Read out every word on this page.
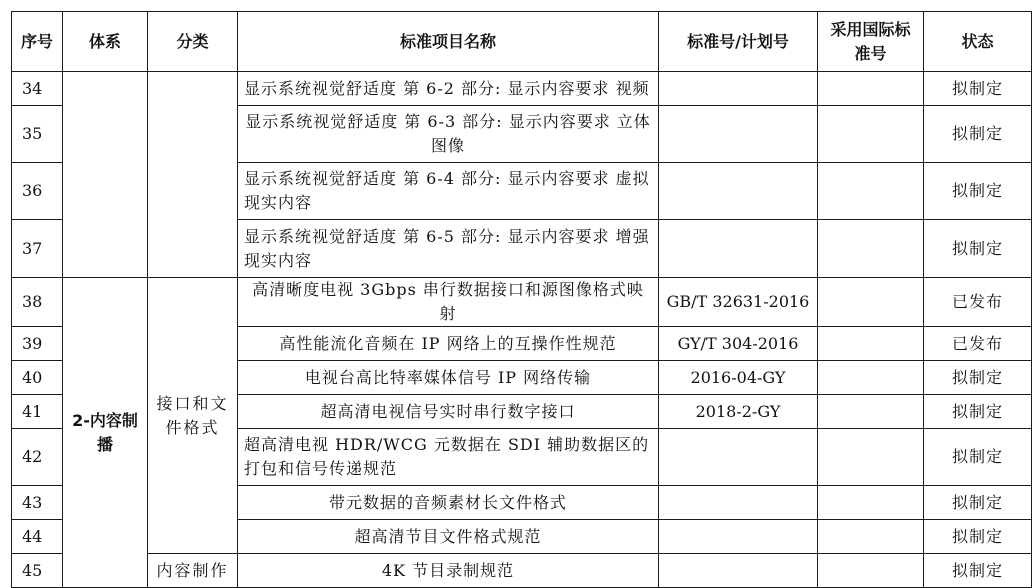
序号	体系	分类	标准项目名称	标准号/计划号	采用国际标准号	状态
34			显示系统视觉舒适度 第 6-2 部分: 显示内容要求 视频			拟制定
35			显示系统视觉舒适度 第 6-3 部分: 显示内容要求 立体图像			拟制定
36			显示系统视觉舒适度 第 6-4 部分: 显示内容要求 虚拟现实内容			拟制定
37			显示系统视觉舒适度 第 6-5 部分: 显示内容要求 增强现实内容			拟制定
38	2-内容制播	接口和文件格式	高清晰度电视 3Gbps 串行数据接口和源图像格式映射	GB/T 32631-2016		已发布
39			高性能流化音频在 IP 网络上的互操作性规范	GY/T 304-2016		已发布
40			电视台高比特率媒体信号 IP 网络传输	2016-04-GY		拟制定
41			超高清电视信号实时串行数字接口	2018-2-GY		拟制定
42			超高清电视 HDR/WCG 元数据在 SDI 辅助数据区的打包和信号传递规范			拟制定
43			带元数据的音频素材长文件格式			拟制定
44			超高清节目文件格式规范			拟制定
45		内容制作	4K 节目录制规范			拟制定
